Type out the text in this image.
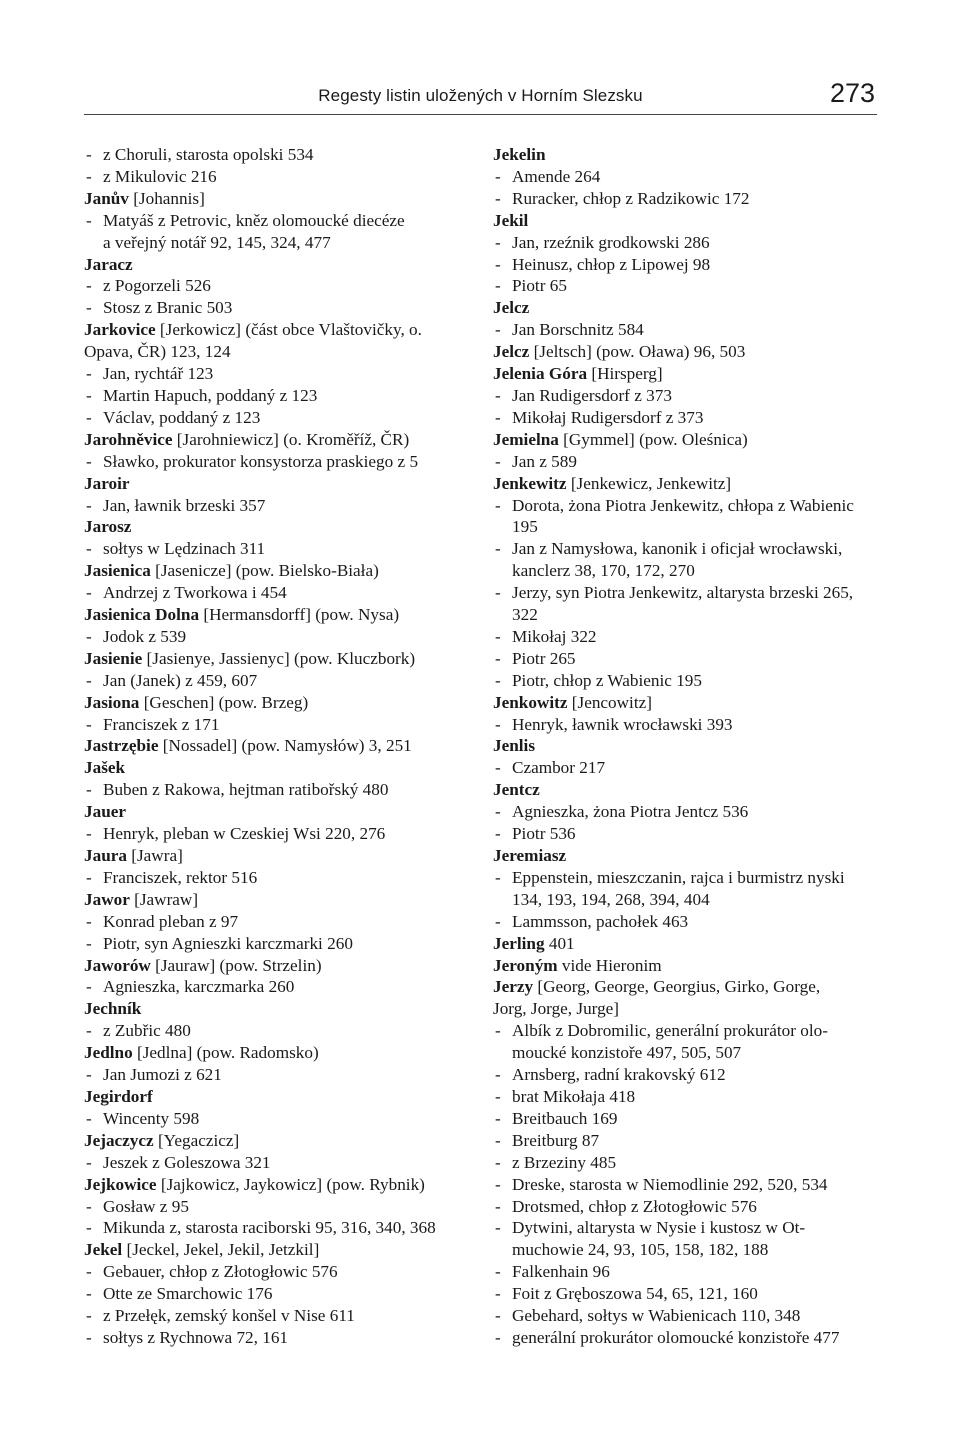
Regesty listin uložených v Horním Slezsku	273
- z Choruli, starosta opolski 534
- z Mikulovic 216
Janův [Johannis]
- Matyáš z Petrovic, kněz olomoucké diecéze
a veřejný notář 92, 145, 324, 477
Jaracz
- z Pogorzeli 526
- Stosz z Branic 503
Jarkovice [Jerkowicz] (část obce Vlaštovičky, o.
Opava, ČR) 123, 124
- Jan, rychtář 123
- Martin Hapuch, poddaný z 123
- Václav, poddaný z 123
Jarohněvice [Jarohniewicz] (o. Kroměříž, ČR)
- Sławko, prokurator konsystorza praskiego z 5
Jaroir
- Jan, ławnik brzeski 357
Jarosz
- sołtys w Lędzinach 311
Jasienica [Jasenicze] (pow. Bielsko-Biała)
- Andrzej z Tworkowa i 454
Jasienica Dolna [Hermansdorff] (pow. Nysa)
- Jodok z 539
Jasienie [Jasienye, Jassienyc] (pow. Kluczbork)
- Jan (Janek) z 459, 607
Jasiona [Geschen] (pow. Brzeg)
- Franciszek z 171
Jastrzębie [Nossadel] (pow. Namysłów) 3, 251
Jašek
- Buben z Rakowa, hejtman ratibořský 480
Jauer
- Henryk, pleban w Czeskiej Wsi 220, 276
Jaura [Jawra]
- Franciszek, rektor 516
Jawor [Jawraw]
- Konrad pleban z 97
- Piotr, syn Agnieszki karczmarki 260
Jaworów [Jauraw] (pow. Strzelin)
- Agnieszka, karczmarka 260
Jechník
- z Zubřic 480
Jedlno [Jedlna] (pow. Radomsko)
- Jan Jumozi z 621
Jegirdorf
- Wincenty 598
Jejaczycz [Yegaczicz]
- Jeszek z Goleszowa 321
Jejkowice [Jajkowicz, Jaykowicz] (pow. Rybnik)
- Gosław z 95
- Mikunda z, starosta raciborski 95, 316, 340, 368
Jekel [Jeckel, Jekel, Jekil, Jetzkil]
- Gebauer, chłop z Złotogłowic 576
- Otte ze Smarchowic 176
- z Przełęk, zemský konšel v Nise 611
- sołtys z Rychnowa 72, 161
Jekelin
- Amende 264
- Ruracker, chłop z Radzikowic 172
Jekil
- Jan, rzeźnik grodkowski 286
- Heinusz, chłop z Lipowej 98
- Piotr 65
Jelcz
- Jan Borschnitz 584
Jelcz [Jeltsch] (pow. Oława) 96, 503
Jelenia Góra [Hirsperg]
- Jan Rudigersdorf z 373
- Mikołaj Rudigersdorf z 373
Jemielna [Gymmel] (pow. Oleśnica)
- Jan z 589
Jenkewitz [Jenkewicz, Jenkewitz]
- Dorota, żona Piotra Jenkewitz, chłopa z Wabienic
195
- Jan z Namysłowa, kanonik i oficjał wrocławski,
kanclerz 38, 170, 172, 270
- Jerzy, syn Piotra Jenkewitz, altarysta brzeski 265,
322
- Mikołaj 322
- Piotr 265
- Piotr, chłop z Wabienic 195
Jenkowitz [Jencowitz]
- Henryk, ławnik wrocławski 393
Jenlis
- Czambor 217
Jentcz
- Agnieszka, żona Piotra Jentcz 536
- Piotr 536
Jeremiasz
- Eppenstein, mieszczanin, rajca i burmistrz nyski
134, 193, 194, 268, 394, 404
- Lammsson, pachołek 463
Jerling 401
Jeroným vide Hieronim
Jerzy [Georg, George, Georgius, Girko, Gorge,
Jorg, Jorge, Jurge]
- Albík z Dobromilic, generální prokurátor olo-
moucké konzistoře 497, 505, 507
- Arnsberg, radní krakovský 612
- brat Mikołaja 418
- Breitbauch 169
- Breitburg 87
- z Brzeziny 485
- Dreske, starosta w Niemodlinie 292, 520, 534
- Drotsmed, chłop z Złotogłowic 576
- Dytwini, altarysta w Nysie i kustosz w Ot-
muchowie 24, 93, 105, 158, 182, 188
- Falkenhain 96
- Foit z Gręboszowa 54, 65, 121, 160
- Gebehard, sołtys w Wabienicach 110, 348
- generální prokurátor olomoucké konzistoře 477
